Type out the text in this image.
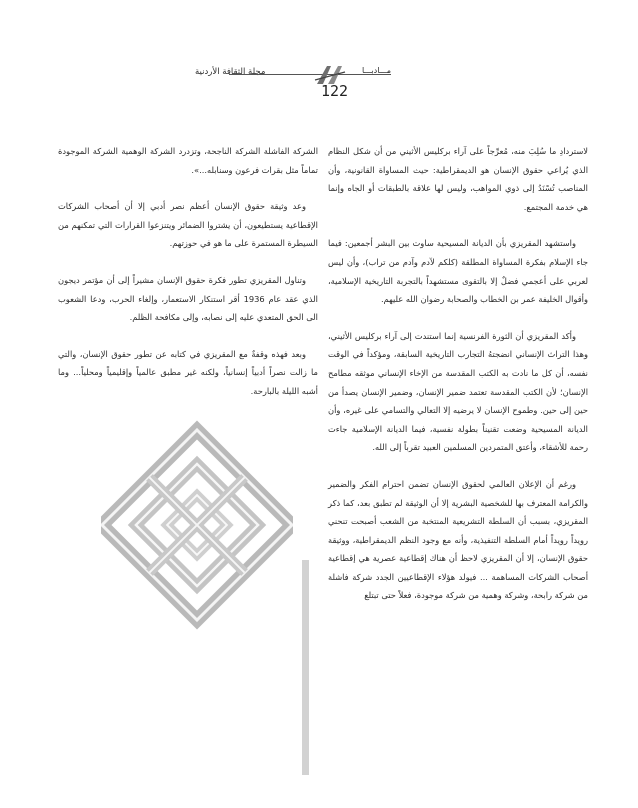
مجلة الثقافة الأردنية	مـــادبـــا
122

لاستردادِ ما سُلِبَ منه، مُعرِّجاً على آراء بركليس الأثيني من أن شكل النظام الذي يُراعي حقوق الإنسان هو الديمقراطية: حيث المساواة القانونية، وأن المناصب تُسْنَدُ إلى ذوي المواهب، وليس لها علاقة بالطبقات أو الجاه وإنما هي خدمة المجتمع.

واستشهد المقريزي بأن الديانة المسيحية ساوت بين البشر أجمعين: فيما جاء الإسلام بفكرة المساواة المطلقة (كلكم لآدم وآدم من تراب)، وأن ليس لعربي على أعجمي فضلٌ إلا بالتقوى مستشهداً بالتجربة التاريخية الإسلامية، وأقوال الخليفة عمر بن الخطاب والصحابة رضوان الله عليهم.

وأكد المقريزي أن الثورة الفرنسية إنما استندت إلى آراء بركليس الأثيني، وهذا التراث الإنساني انضجتهُ التجارب التاريخية السابقة، ومؤكداً في الوقت نفسه، أن كل ما نادت به الكتب المقدسة من الإخاء الإنساني موثقه مطامح الإنسان؛ لأن الكتب المقدسة تعتمد ضمير الإنسان، وضمير الإنسان يصدأ من حين إلى حين. وطموح الإنسان لا يرضيه إلا التعالي والتسامي على غيره، وأن الديانة المسيحية وضعت تقنيناً بطولة نفسية، فيما الديانة الإسلامية جاءت رحمة للأشقاء، وأعتق المتمردين المسلمين العبيد تقرباً إلى الله.

ورغم أن الإعلان العالمي لحقوق الإنسان تضمن احترام الفكر والضمير والكرامة المعترف بها للشخصية البشرية إلا أن الوثيقة لم تطبق بعد، كما ذكر المقريزي، بسبب أن السلطة التشريعية المنتخبة من الشعب أصبحت تنحني رويداً رويداً أمام السلطة التنفيذية، وأنه مع وجود النظم الديمقراطية، ووثيقة حقوق الإنسان، إلا أن المقريزي لاحظ أن هناك إقطاعية عصرية هي إقطاعية أصحاب الشركات المساهمة ... فيولد هؤلاء الإقطاعيين الجدد شركة فاشلة من شركة رابحة، وشركة وهمية من شركة موجودة، فعلاً حتى تبتلع

الشركة الفاشلة الشركة الناجحة، وتزدرد الشركة الوهمية الشركة الموجودة تماماً مثل بقرات فرعون وسنابله...».

وعد وثيقة حقوق الإنسان أعظم نصر أدبي إلا أن أصحاب الشركات الإقطاعية يستطيعون، أن يشتروا الضمائر ويتنزعوا القرارات التي تمكنهم من السيطرة المستمرة على ما هو في حوزتهم.

وتناول المقريزي تطور فكرة حقوق الإنسان مشيراً إلى أن مؤتمر ديجون الذي عقد عام 1936 أقر استنكار الاستعمار، وإلغاء الحرب، ودعا الشعوب الى الحق المتعدي عليه إلى نصابه، وإلى مكافحة الظلم.

وبعد فهذه وقفةٌ مع المقريزي في كتابه عن تطور حقوق الإنسان، والتي ما زالت نصراً أدبياً إنسانياً، ولكنه غير مطبق عالمياً وإقليمياً ومحلياً... وما أشبه الليلة بالبارحة.
